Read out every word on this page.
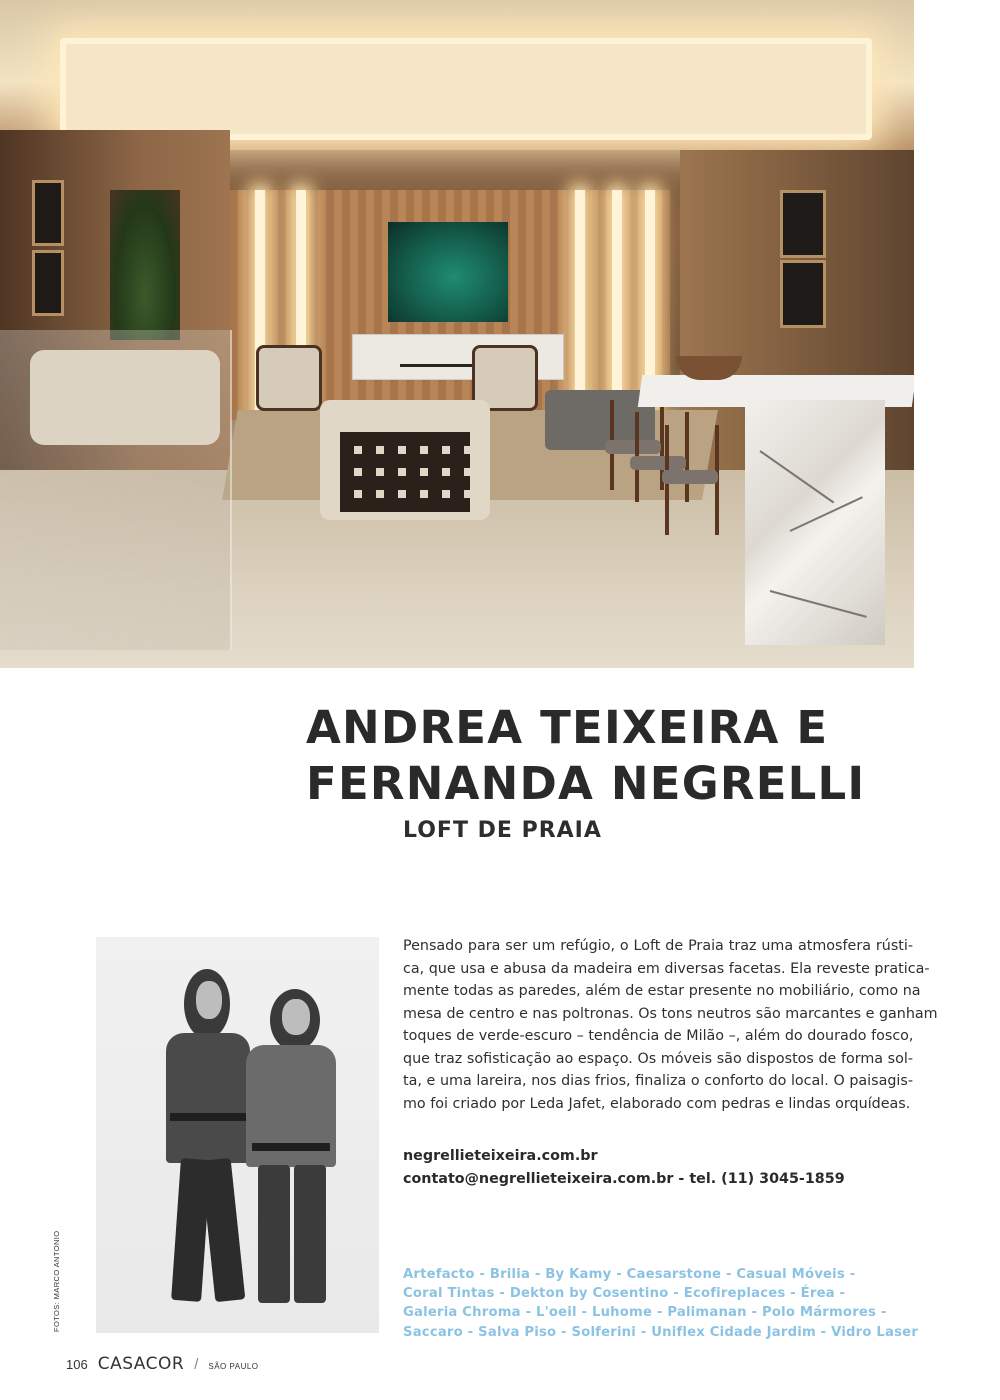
ANDREA TEIXEIRA E
FERNANDA NEGRELLI
LOFT DE PRAIA
FOTOS: MARCO ANTONIO

Pensado para ser um refúgio, o Loft de Praia traz uma atmosfera rústi-
ca, que usa e abusa da madeira em diversas facetas. Ela reveste pratica-
mente todas as paredes, além de estar presente no mobiliário, como na
mesa de centro e nas poltronas. Os tons neutros são marcantes e ganham
toques de verde-escuro – tendência de Milão –, além do dourado fosco,
que traz sofisticação ao espaço. Os móveis são dispostos de forma sol-
ta, e uma lareira, nos dias frios, finaliza o conforto do local. O paisagis-
mo foi criado por Leda Jafet, elaborado com pedras e lindas orquídeas.

negrellieteixeira.com.br
contato@negrellieteixeira.com.br - tel. (11) 3045-1859

Artefacto - Brilia - By Kamy - Caesarstone - Casual Móveis -
Coral Tintas - Dekton by Cosentino - Ecofireplaces - Érea -
Galeria Chroma - L'oeil - Luhome - Palimanan - Polo Mármores -
Saccaro - Salva Piso - Solferini - Uniflex Cidade Jardim - Vidro Laser

106 CASACOR / SÃO PAULO
